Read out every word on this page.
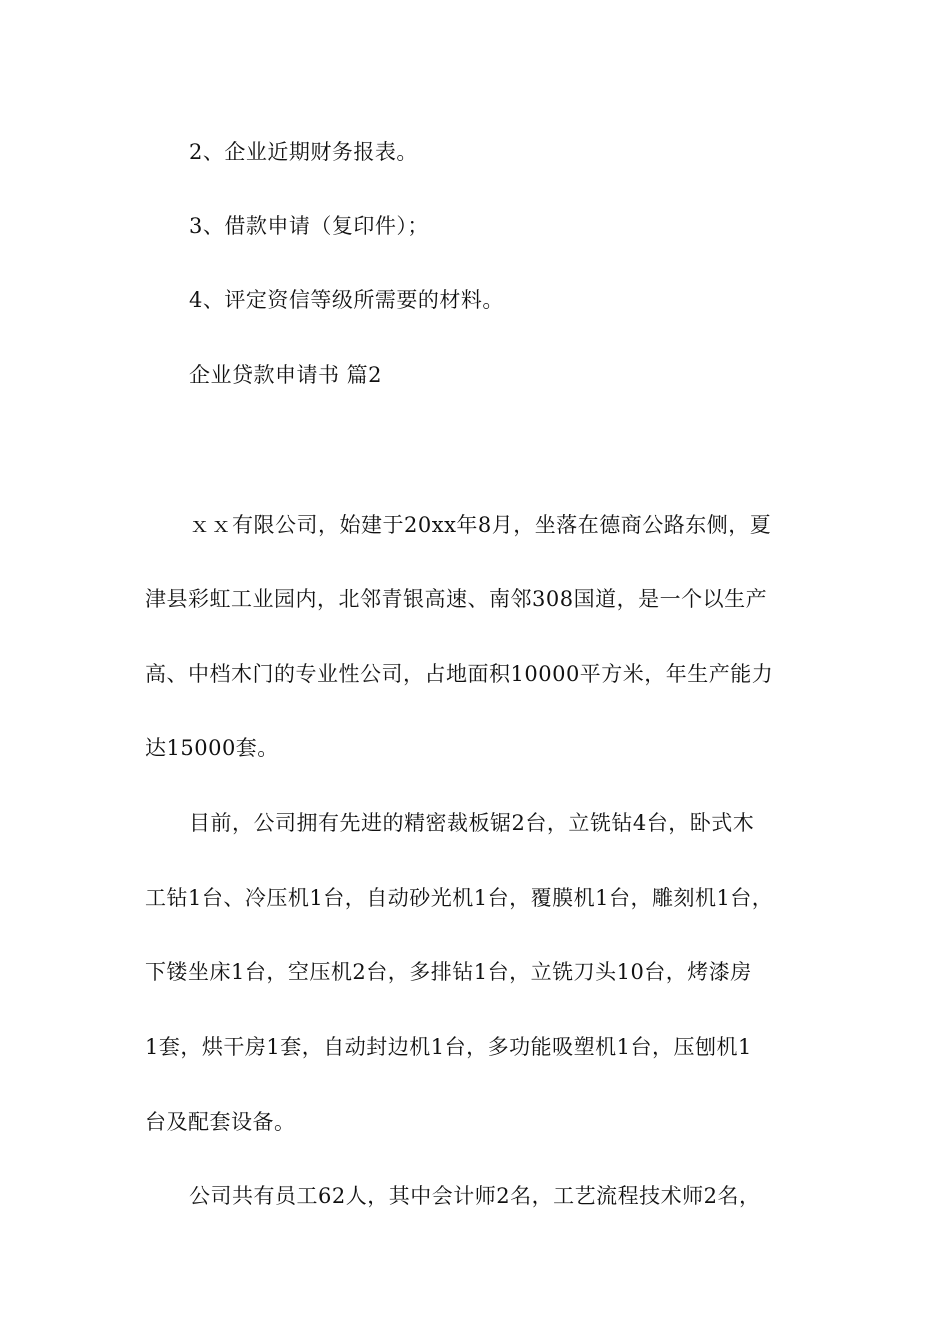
2、企业近期财务报表。
3、借款申请（复印件）；
4、评定资信等级所需要的材料。
企业贷款申请书 篇2
ｘｘ有限公司，始建于20xx年8月，坐落在德商公路东侧，夏
津县彩虹工业园内，北邻青银高速、南邻308国道，是一个以生产
高、中档木门的专业性公司，占地面积10000平方米，年生产能力
达15000套。
目前，公司拥有先进的精密裁板锯2台，立铣钻4台，卧式木
工钻1台、冷压机1台，自动砂光机1台，覆膜机1台，雕刻机1台，
下镂坐床1台，空压机2台，多排钻1台，立铣刀头10台，烤漆房
1套，烘干房1套，自动封边机1台，多功能吸塑机1台，压刨机1
台及配套设备。
公司共有员工62人，其中会计师2名，工艺流程技术师2名，
